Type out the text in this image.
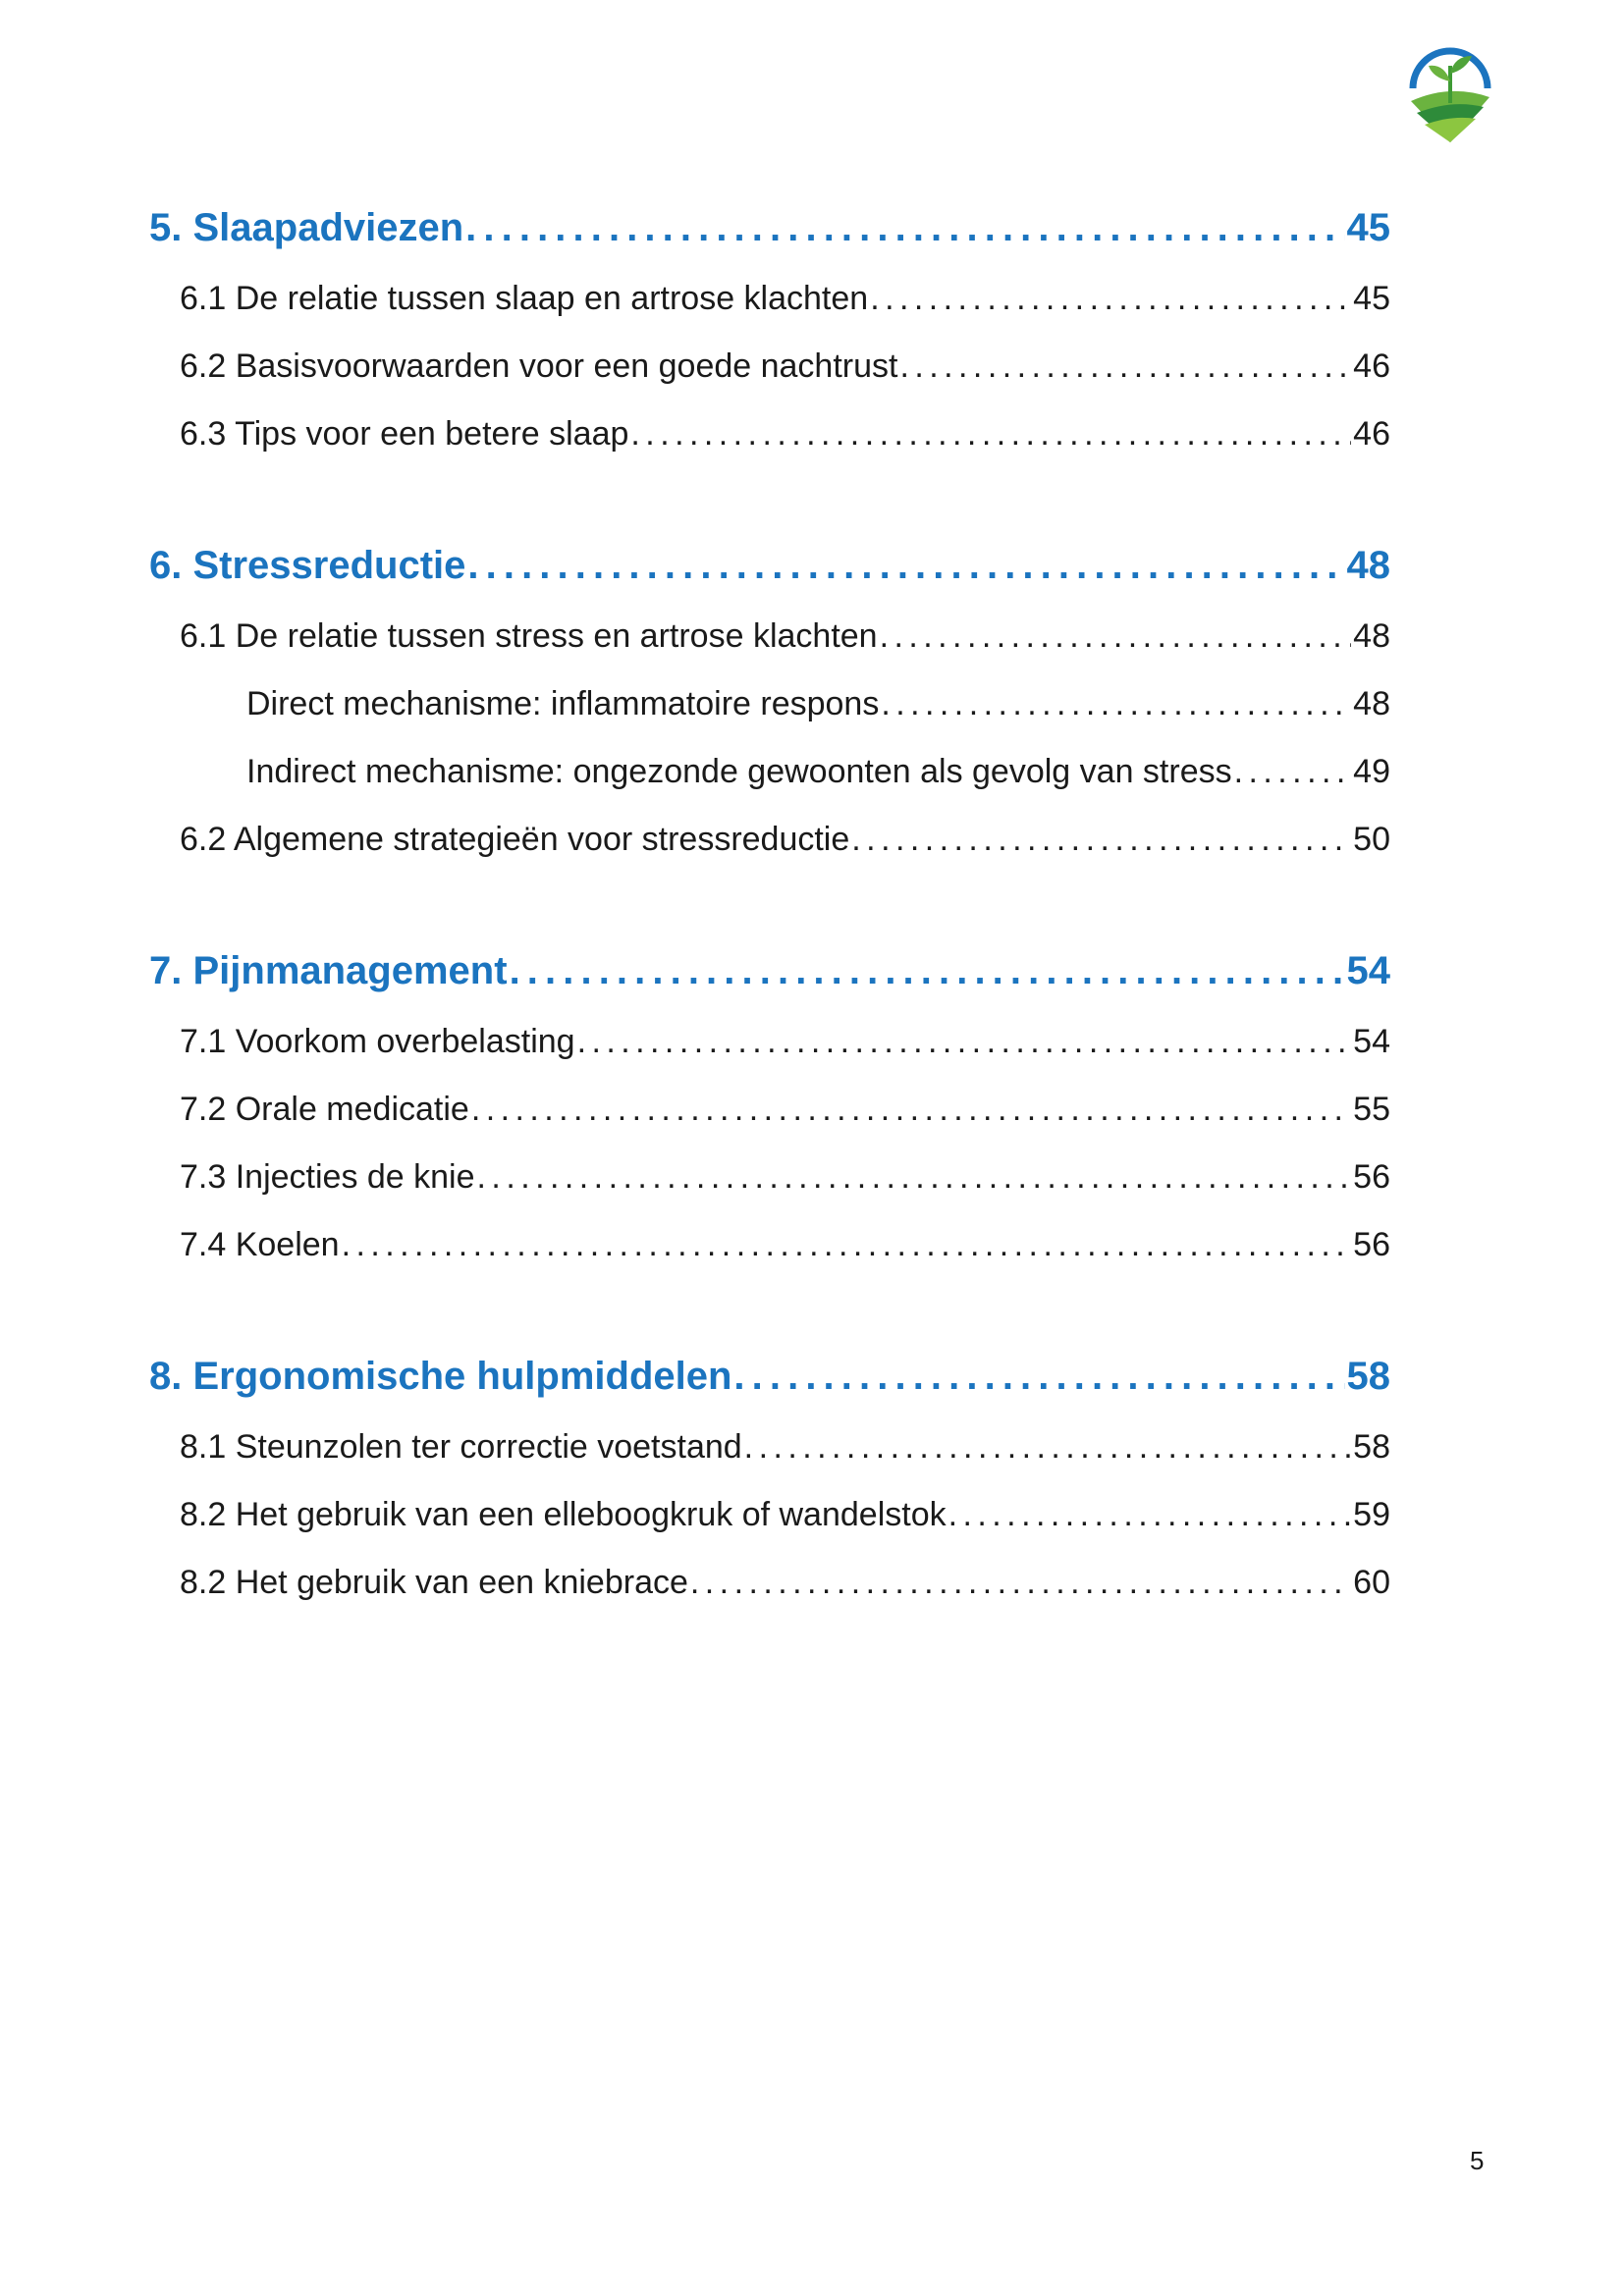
5. Slaapadviezen . . .	45
6.1 De relatie tussen slaap en artrose klachten . . .	45
6.2 Basisvoorwaarden voor een goede nachtrust . . .	46
6.3 Tips voor een betere slaap . . .	46
6. Stressreductie . . .	48
6.1 De relatie tussen stress en artrose klachten . . .	48
Direct mechanisme: inflammatoire respons . . .	48
Indirect mechanisme: ongezonde gewoonten als gevolg van stress . . .	49
6.2 Algemene strategieën voor stressreductie . . .	50
7. Pijnmanagement . . .	54
7.1 Voorkom overbelasting . . .	54
7.2 Orale medicatie . . .	55
7.3 Injecties de knie . . .	56
7.4 Koelen . . .	56
8. Ergonomische hulpmiddelen . . .	58
8.1 Steunzolen ter correctie voetstand . . .	58
8.2 Het gebruik van een elleboogkruk of wandelstok . . .	59
8.2 Het gebruik van een kniebrace . . .	60
5
